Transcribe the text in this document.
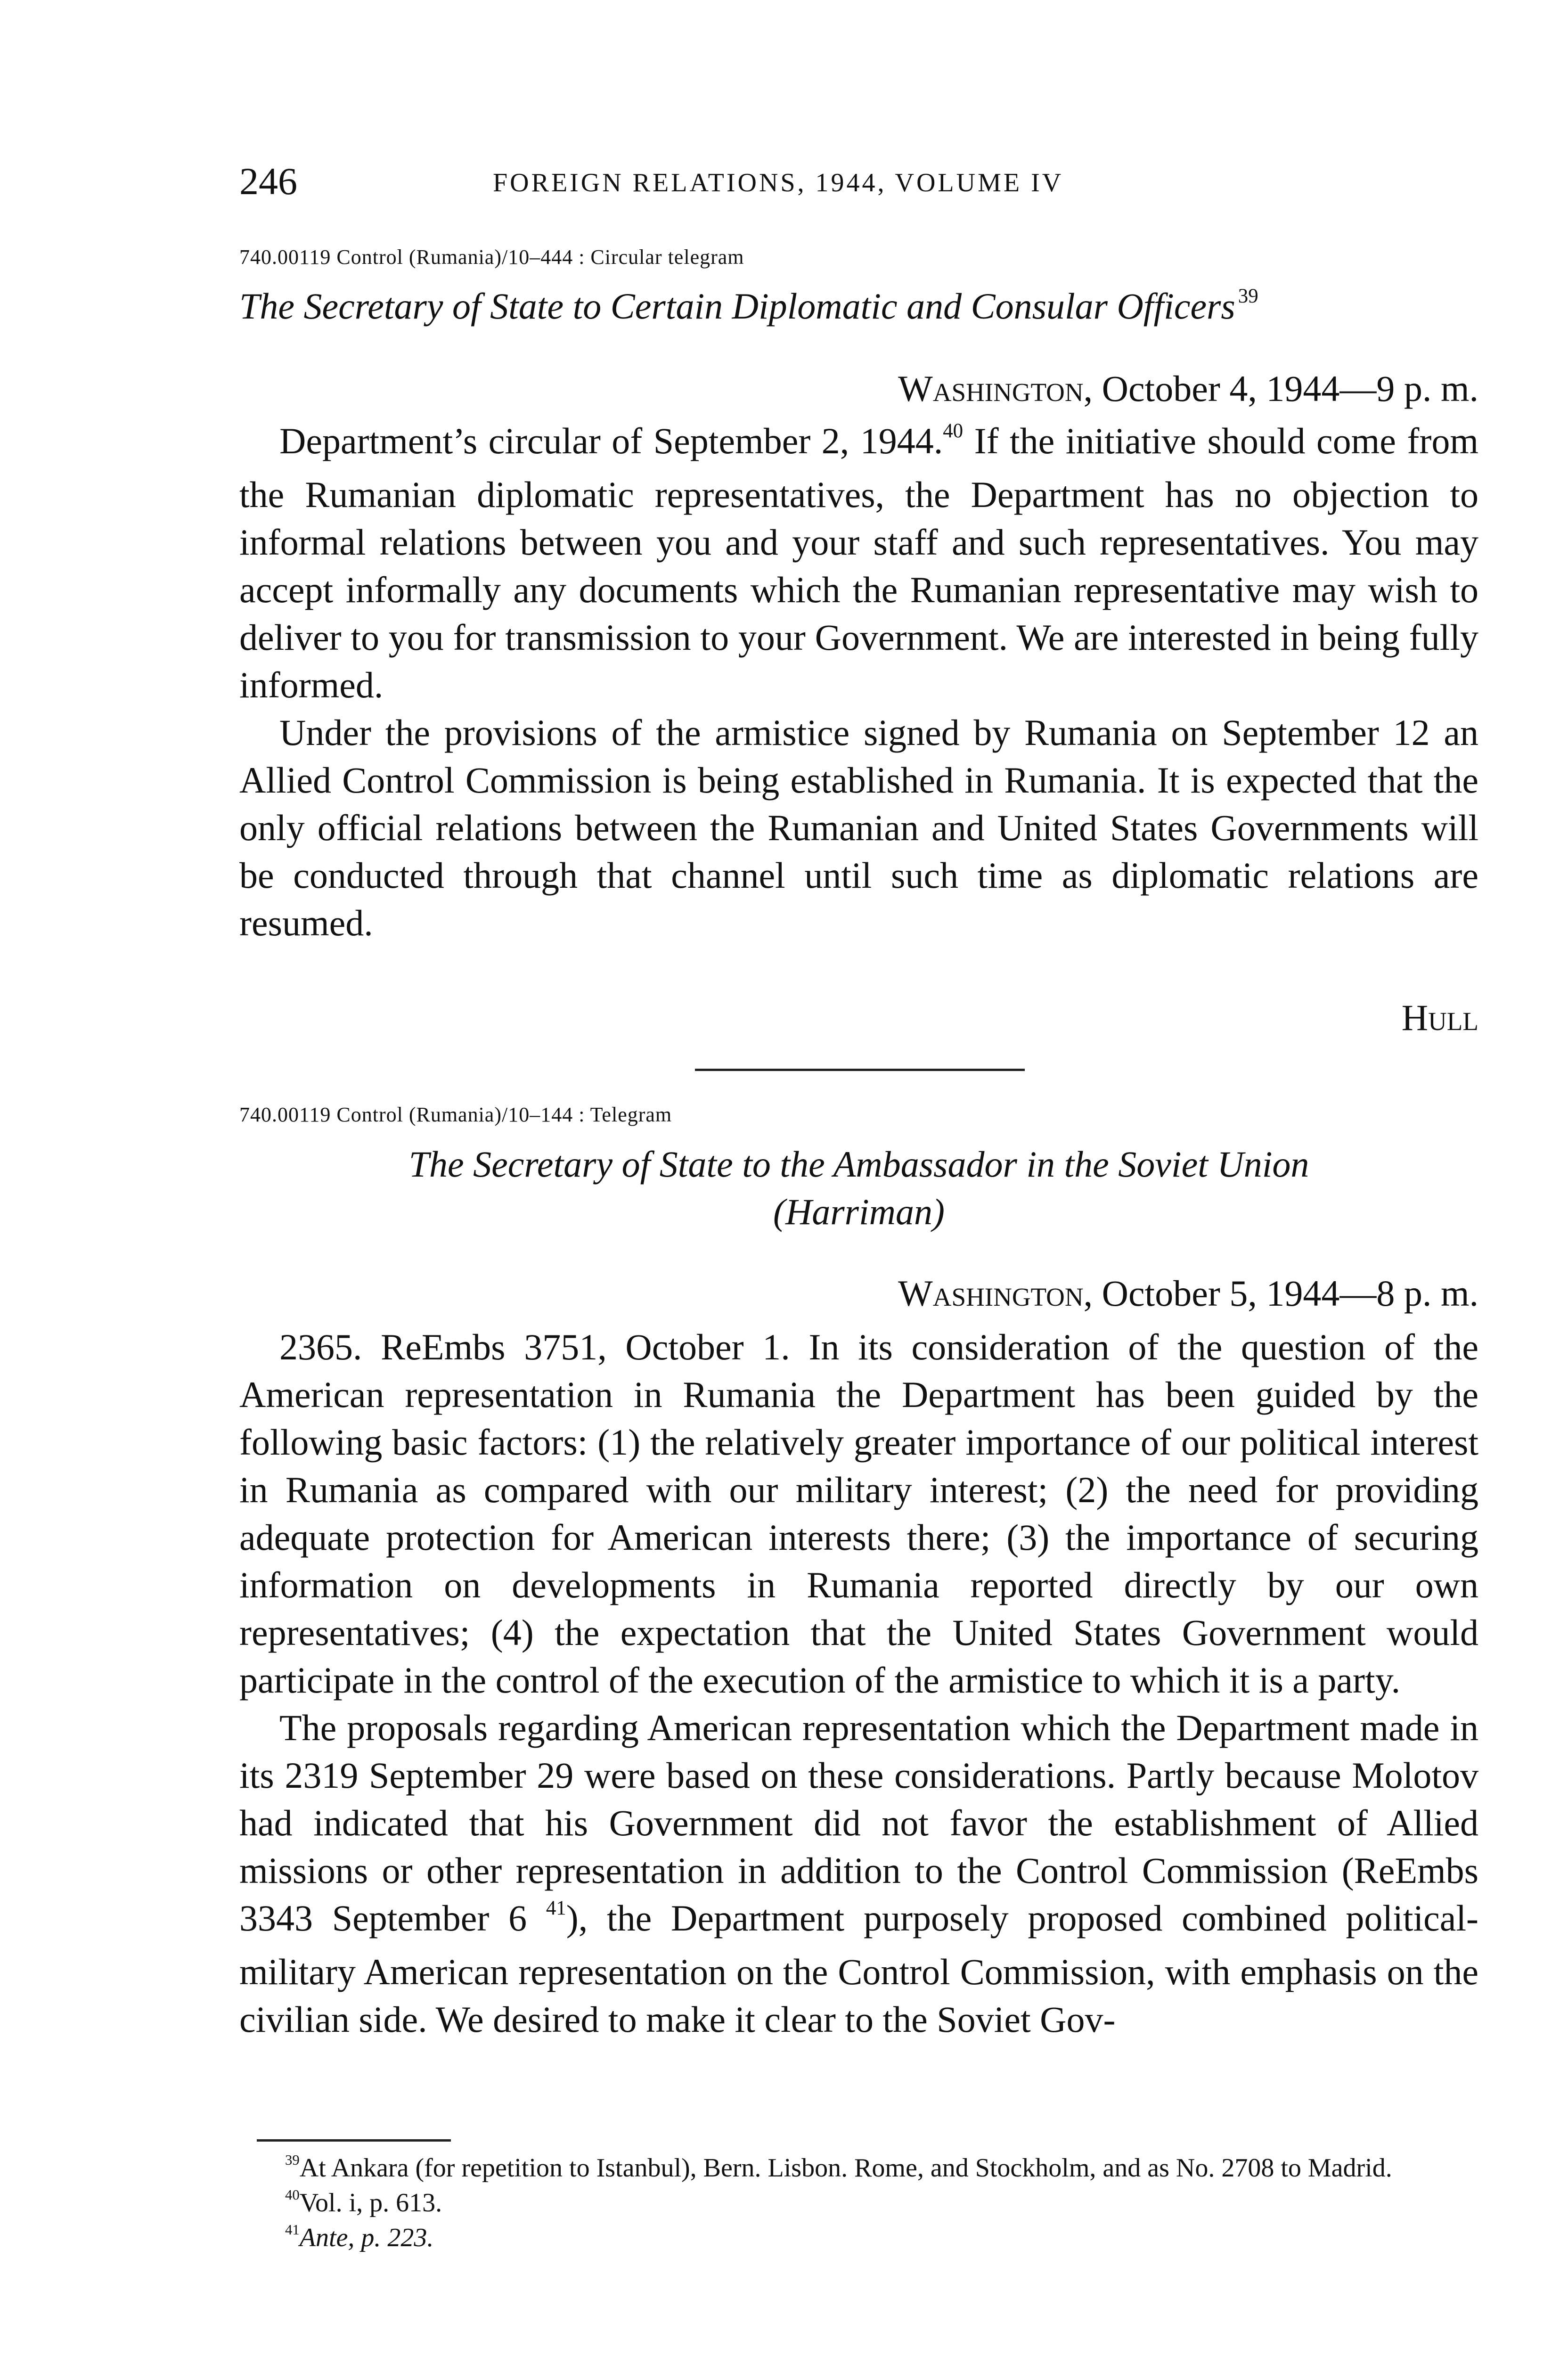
246	FOREIGN RELATIONS, 1944, VOLUME IV
740.00119 Control (Rumania)/10–444 : Circular telegram
The Secretary of State to Certain Diplomatic and Consular Officers $^{39}$
Washington, October 4, 1944—9 p. m.

Department’s circular of September 2, 1944.40 If the initiative should come from the Rumanian diplomatic representatives, the Department has no objection to informal relations between you and your staff and such representatives. You may accept informally any documents which the Rumanian representative may wish to deliver to you for transmission to your Government. We are interested in being fully informed.

Under the provisions of the armistice signed by Rumania on September 12 an Allied Control Commission is being established in Rumania. It is expected that the only official relations between the Rumanian and United States Governments will be conducted through that channel until such time as diplomatic relations are resumed.

Hull
740.00119 Control (Rumania)/10–144 : Telegram
The Secretary of State to the Ambassador in the Soviet Union
(Harriman)
Washington, October 5, 1944—8 p. m.

2365. ReEmbs 3751, October 1. In its consideration of the question of the American representation in Rumania the Department has been guided by the following basic factors: (1) the relatively greater importance of our political interest in Rumania as compared with our military interest; (2) the need for providing adequate protection for American interests there; (3) the importance of securing information on developments in Rumania reported directly by our own representatives; (4) the expectation that the United States Government would participate in the control of the execution of the armistice to which it is a party.

The proposals regarding American representation which the Department made in its 2319 September 29 were based on these considerations. Partly because Molotov had indicated that his Government did not favor the establishment of Allied missions or other representation in addition to the Control Commission (ReEmbs 3343 September 6 $^{41}$), the Department purposely proposed combined political-military American representation on the Control Commission, with emphasis on the civilian side. We desired to make it clear to the Soviet Gov-

$^{39}$At Ankara (for repetition to Istanbul), Bern. Lisbon. Rome, and Stockholm, and as No. 2708 to Madrid.

$^{40}$Vol. i, p. 613.

$^{41}$Ante, p. 223.
